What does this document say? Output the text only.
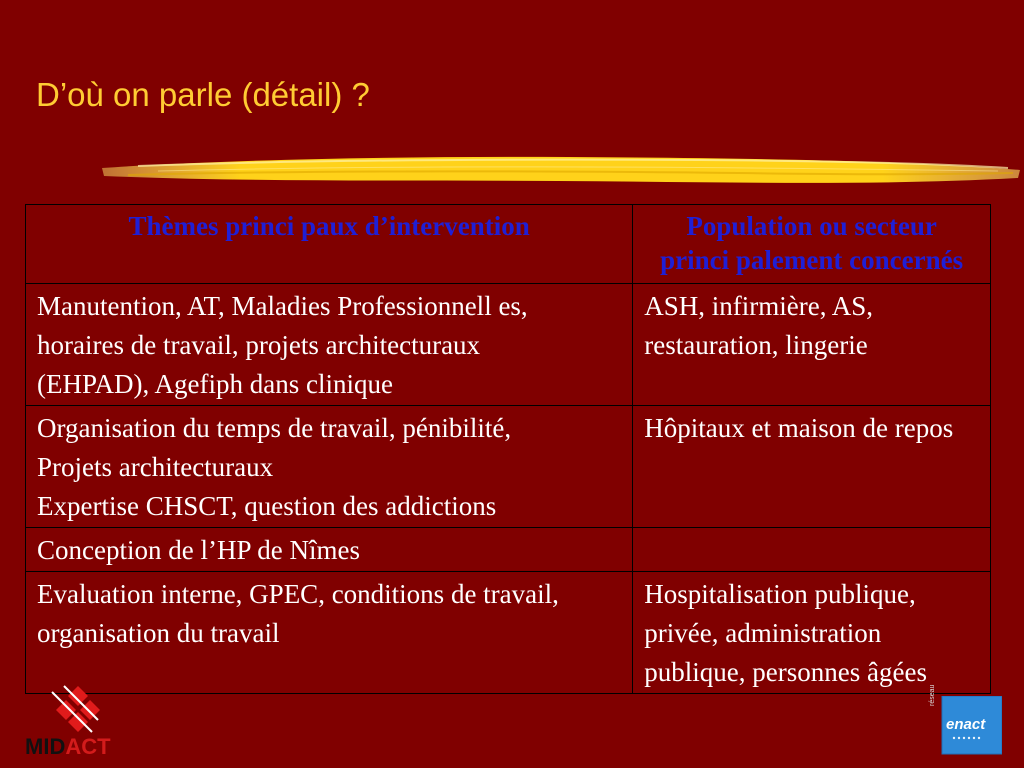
D’où on parle (détail) ?
Thèmes princi paux d’intervention	Population ou secteur
princi palement concernés

Manutention, AT, Maladies Professionnell es,
horaires de travail, projets architecturaux
(EHPAD), Agefiph dans clinique	ASH, infirmière, AS,
restauration, lingerie

Organisation du temps de travail, pénibilité,
Projets architecturaux
Expertise CHSCT, question des addictions	Hôpitaux et maison de repos

Conception de l’HP de Nîmes	

Evaluation interne, GPEC, conditions de travail,
organisation du travail	Hospitalisation publique,
privée, administration
publique, personnes âgées
MIDACT
réseau
enact
